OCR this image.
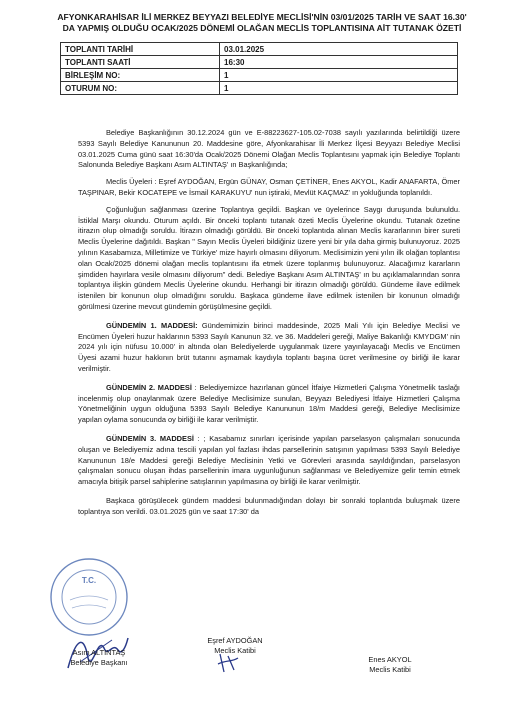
AFYONKARAHİSAR İLİ MERKEZ BEYYAZI BELEDİYE MECLİSİ'NİN 03/01/2025 TARİH VE SAAT 16.30'
DA YAPMIŞ OLDUĞU OCAK/2025 DÖNEMİ OLAĞAN MECLİS TOPLANTISINA AİT TUTANAK ÖZETİ
TOPLANTI TARİHİ	03.01.2025
TOPLANTI SAATİ	16:30
BİRLEŞİM NO:	1
OTURUM NO:	1

Belediye Başkanlığının 30.12.2024 gün ve E-88223627-105.02-7038 sayılı yazılarında belirtildiği üzere 5393 Sayılı Belediye Kanununun 20. Maddesine göre, Afyonkarahisar İli Merkez İlçesi Beyyazı Belediye Meclisi 03.01.2025 Cuma günü saat 16:30'da Ocak/2025 Dönemi Olağan Meclis Toplantısını yapmak için Belediye Toplantı Salonunda Belediye Başkanı Asım ALTINTAŞ' ın Başkanlığında;

Meclis Üyeleri : Eşref AYDOĞAN, Ergün GÜNAY, Osman ÇETİNER, Enes AKYOL, Kadir ANAFARTA, Ömer TAŞPINAR, Bekir KOCATEPE ve İsmail KARAKUYU' nun iştiraki, Mevlüt KAÇMAZ' ın yokluğunda toplanıldı.

Çoğunluğun sağlanması üzerine Toplantıya geçildi. Başkan ve üyelerince Saygı duruşunda bulunuldu. İstiklal Marşı okundu. Oturum açıldı. Bir önceki toplantı tutanak özeti Meclis Üyelerine okundu. Tutanak özetine itirazın olup olmadığı soruldu. İtirazın olmadığı görüldü. Bir önceki toplantıda alınan Meclis kararlarının birer sureti Meclis Üyelerine dağıtıldı. Başkan " Sayın Meclis Üyeleri bildiğiniz üzere yeni bir yıla daha girmiş bulunuyoruz. 2025 yılının Kasabamıza, Milletimize ve Türkiye' mize hayırlı olmasını diliyorum. Meclisimizin yeni yılın ilk olağan toplantısı olan Ocak/2025 dönemi olağan meclis toplantısını ifa etmek üzere toplanmış bulunuyoruz. Alacağımız kararların şimdiden hayırlara vesile olmasını diliyorum" dedi. Belediye Başkanı Asım ALTINTAŞ' ın bu açıklamalarından sonra toplantıya ilişkin gündem Meclis Üyelerine okundu. Herhangi bir itirazın olmadığı görüldü. Gündeme ilave edilmek istenilen bir konunun olup olmadığını soruldu. Başkaca gündeme ilave edilmek istenilen bir konunun olmadığı görülmesi üzerine mevcut gündemin görüşülmesine geçildi.

GÜNDEMİN 1. MADDESİ: Gündemimizin birinci maddesinde, 2025 Mali Yılı için Belediye Meclisi ve Encümen Üyeleri huzur haklarının 5393 Sayılı Kanunun 32. ve 36. Maddeleri gereği, Maliye Bakanlığı KMYDGM' nin 2024 yılı için nüfusu 10.000' in altında olan Belediyelerde uygulanmak üzere yayınlayacağı Meclis ve Encümen Üyesi azami huzur hakkının brüt tutarını aşmamak kaydıyla toplantı başına ücret verilmesine oy birliği ile karar verilmiştir.

GÜNDEMİN 2. MADDESİ : Belediyemizce hazırlanan güncel İtfaiye Hizmetleri Çalışma Yönetmelik taslağı incelenmiş olup onaylanmak üzere Belediye Meclisimize sunulan, Beyyazı Belediyesi İtfaiye Hizmetleri Çalışma Yönetmeliğinin uygun olduğuna 5393 Sayılı Belediye Kanununun 18/m Maddesi gereği, Belediye Meclisimize yapılan oylama sonucunda oy birliği ile karar verilmiştir.

GÜNDEMİN 3. MADDESİ : ; Kasabamız sınırları içerisinde yapılan parselasyon çalışmaları sonucunda oluşan ve Belediyemiz adına tescili yapılan yol fazlası ihdas parsellerinin satışının yapılması 5393 Sayılı Belediye Kanununun 18/e Maddesi gereği Belediye Meclisinin Yetki ve Görevleri arasında sayıldığından, parselasyon çalışmaları sonucu oluşan ihdas parsellerinin imara uygunluğunun sağlanması ve Belediyemize gelir temin etmek amacıyla bitişik parsel sahiplerine satışlarının yapılmasına oy birliği ile karar verilmiştir.

Başkaca görüşülecek gündem maddesi bulunmadığından dolayı bir sonraki toplantıda buluşmak üzere toplantıya son verildi. 03.01.2025 gün ve saat 17:30' da

T.C.
Asım ALTINTAŞ
Belediye Başkanı
Eşref AYDOĞAN
Meclis Katibi
Enes AKYOL
Meclis Katibi
